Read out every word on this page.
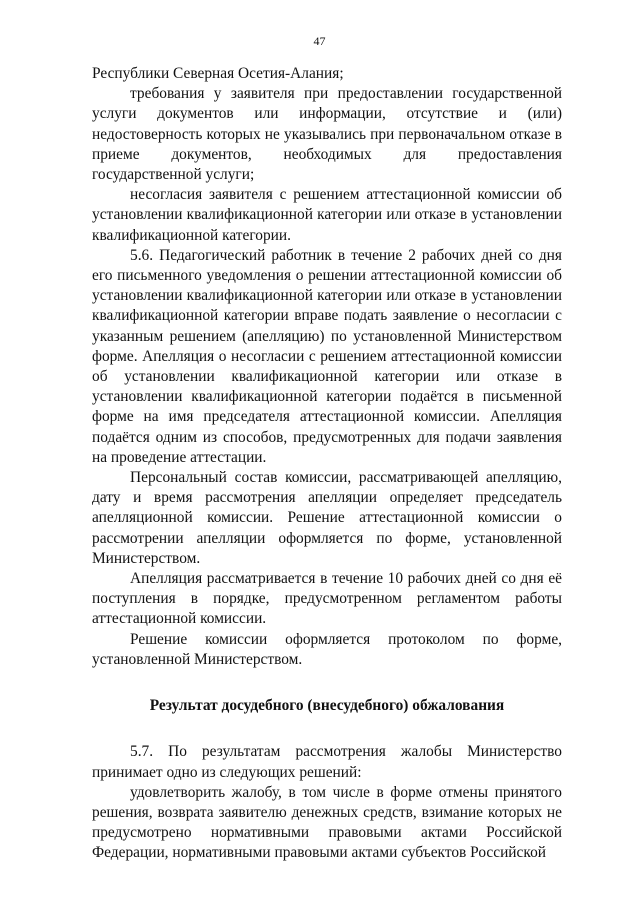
47

Республики Северная Осетия-Алания;

требования у заявителя при предоставлении государственной услуги документов или информации, отсутствие и (или) недостоверность которых не указывались при первоначальном отказе в приеме документов, необходимых для предоставления государственной услуги;

несогласия заявителя с решением аттестационной комиссии об установлении квалификационной категории или отказе в установлении квалификационной категории.

5.6. Педагогический работник в течение 2 рабочих дней со дня его письменного уведомления о решении аттестационной комиссии об установлении квалификационной категории или отказе в установлении квалификационной категории вправе подать заявление о несогласии с указанным решением (апелляцию) по установленной Министерством форме. Апелляция о несогласии с решением аттестационной комиссии об установлении квалификационной категории или отказе в установлении квалификационной категории подаётся в письменной форме на имя председателя аттестационной комиссии. Апелляция подаётся одним из способов, предусмотренных для подачи заявления на проведение аттестации.

Персональный состав комиссии, рассматривающей апелляцию, дату и время рассмотрения апелляции определяет председатель апелляционной комиссии. Решение аттестационной комиссии о рассмотрении апелляции оформляется по форме, установленной Министерством.

Апелляция рассматривается в течение 10 рабочих дней со дня её поступления в порядке, предусмотренном регламентом работы аттестационной комиссии.

Решение комиссии оформляется протоколом по форме, установленной Министерством.

Результат досудебного (внесудебного) обжалования

5.7. По результатам рассмотрения жалобы Министерство принимает одно из следующих решений:

удовлетворить жалобу, в том числе в форме отмены принятого решения, возврата заявителю денежных средств, взимание которых не предусмотрено нормативными правовыми актами Российской Федерации, нормативными правовыми актами субъектов Российской
